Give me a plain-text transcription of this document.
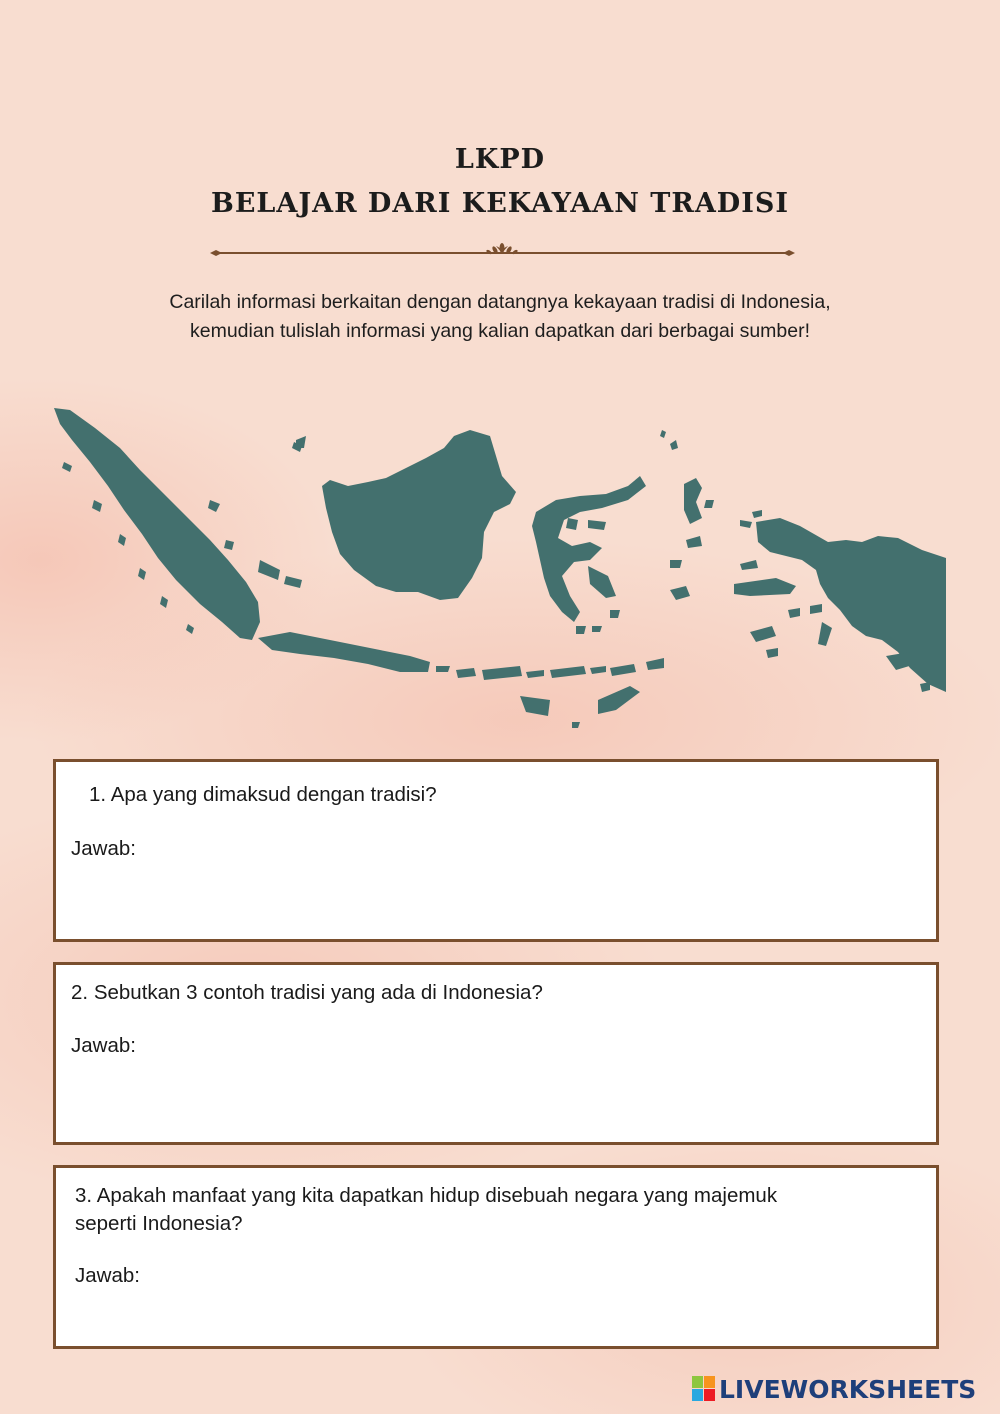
LKPD
BELAJAR DARI KEKAYAAN TRADISI
Carilah informasi berkaitan dengan datangnya kekayaan tradisi di Indonesia,
kemudian tulislah informasi yang kalian dapatkan dari berbagai sumber!
1. Apa yang dimaksud dengan tradisi?
Jawab:
2. Sebutkan 3 contoh tradisi yang ada di Indonesia?
Jawab:
3. Apakah manfaat yang kita dapatkan hidup disebuah negara yang majemuk
seperti Indonesia?
Jawab:
LIVEWORKSHEETS
